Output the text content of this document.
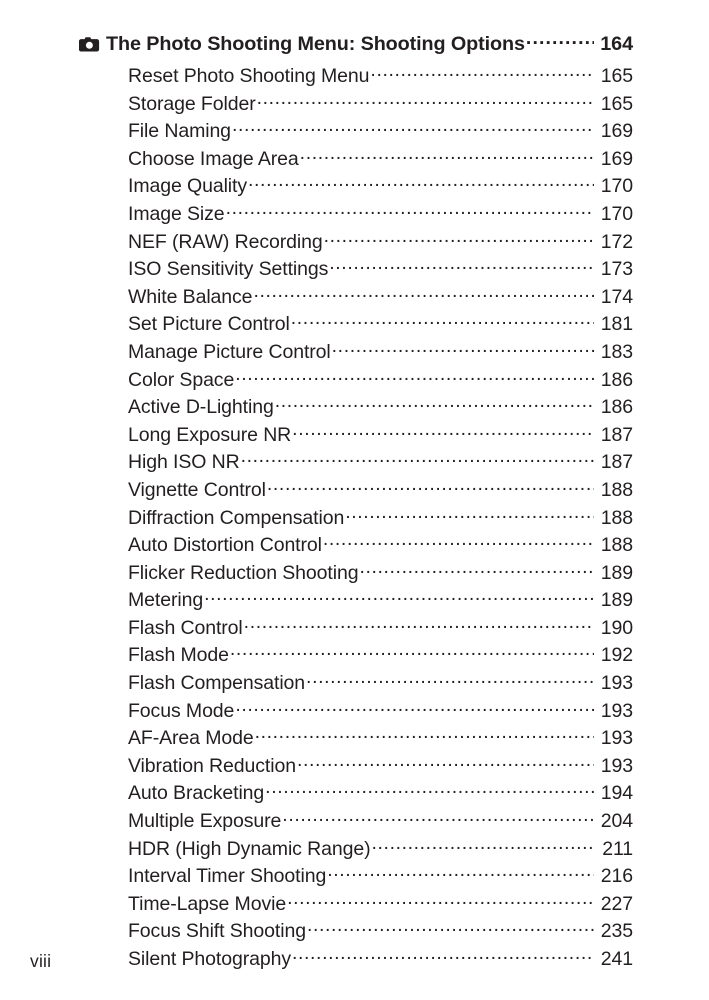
The Photo Shooting Menu: Shooting Options .....	164
Reset Photo Shooting Menu .....	165
Storage Folder .....	165
File Naming .....	169
Choose Image Area .....	169
Image Quality .....	170
Image Size .....	170
NEF (RAW) Recording .....	172
ISO Sensitivity Settings .....	173
White Balance .....	174
Set Picture Control .....	181
Manage Picture Control .....	183
Color Space .....	186
Active D-Lighting .....	186
Long Exposure NR .....	187
High ISO NR .....	187
Vignette Control .....	188
Diffraction Compensation .....	188
Auto Distortion Control .....	188
Flicker Reduction Shooting .....	189
Metering .....	189
Flash Control .....	190
Flash Mode .....	192
Flash Compensation .....	193
Focus Mode .....	193
AF-Area Mode .....	193
Vibration Reduction .....	193
Auto Bracketing .....	194
Multiple Exposure .....	204
HDR (High Dynamic Range) .....	211
Interval Timer Shooting .....	216
Time-Lapse Movie .....	227
Focus Shift Shooting .....	235
Silent Photography .....	241
viii
